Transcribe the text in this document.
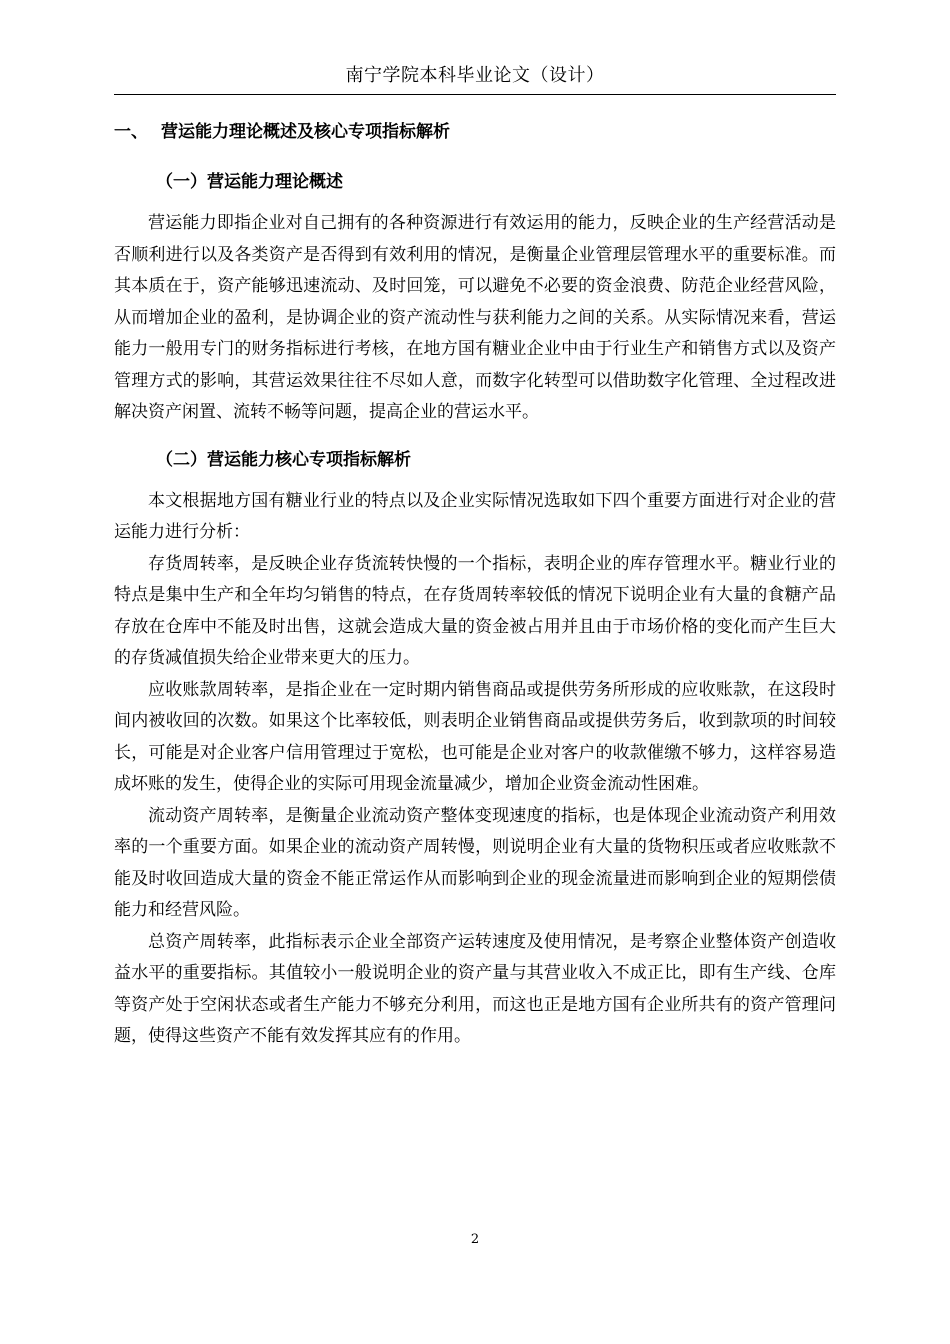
南宁学院本科毕业论文（设计）
一、 营运能力理论概述及核心专项指标解析
（一）营运能力理论概述

营运能力即指企业对自己拥有的各种资源进行有效运用的能力，反映企业的生产经营活动是否顺利进行以及各类资产是否得到有效利用的情况，是衡量企业管理层管理水平的重要标准。而其本质在于，资产能够迅速流动、及时回笼，可以避免不必要的资金浪费、防范企业经营风险，从而增加企业的盈利，是协调企业的资产流动性与获利能力之间的关系。从实际情况来看，营运能力一般用专门的财务指标进行考核，在地方国有糖业企业中由于行业生产和销售方式以及资产管理方式的影响，其营运效果往往不尽如人意，而数字化转型可以借助数字化管理、全过程改进解决资产闲置、流转不畅等问题，提高企业的营运水平。

（二）营运能力核心专项指标解析

本文根据地方国有糖业行业的特点以及企业实际情况选取如下四个重要方面进行对企业的营运能力进行分析：

存货周转率，是反映企业存货流转快慢的一个指标，表明企业的库存管理水平。糖业行业的特点是集中生产和全年均匀销售的特点，在存货周转率较低的情况下说明企业有大量的食糖产品存放在仓库中不能及时出售，这就会造成大量的资金被占用并且由于市场价格的变化而产生巨大的存货减值损失给企业带来更大的压力。

应收账款周转率，是指企业在一定时期内销售商品或提供劳务所形成的应收账款，在这段时间内被收回的次数。如果这个比率较低，则表明企业销售商品或提供劳务后，收到款项的时间较长，可能是对企业客户信用管理过于宽松，也可能是企业对客户的收款催缴不够力，这样容易造成坏账的发生，使得企业的实际可用现金流量减少，增加企业资金流动性困难。

流动资产周转率，是衡量企业流动资产整体变现速度的指标，也是体现企业流动资产利用效率的一个重要方面。如果企业的流动资产周转慢，则说明企业有大量的货物积压或者应收账款不能及时收回造成大量的资金不能正常运作从而影响到企业的现金流量进而影响到企业的短期偿债能力和经营风险。

总资产周转率，此指标表示企业全部资产运转速度及使用情况，是考察企业整体资产创造收益水平的重要指标。其值较小一般说明企业的资产量与其营业收入不成正比，即有生产线、仓库等资产处于空闲状态或者生产能力不够充分利用，而这也正是地方国有企业所共有的资产管理问题，使得这些资产不能有效发挥其应有的作用。

2
